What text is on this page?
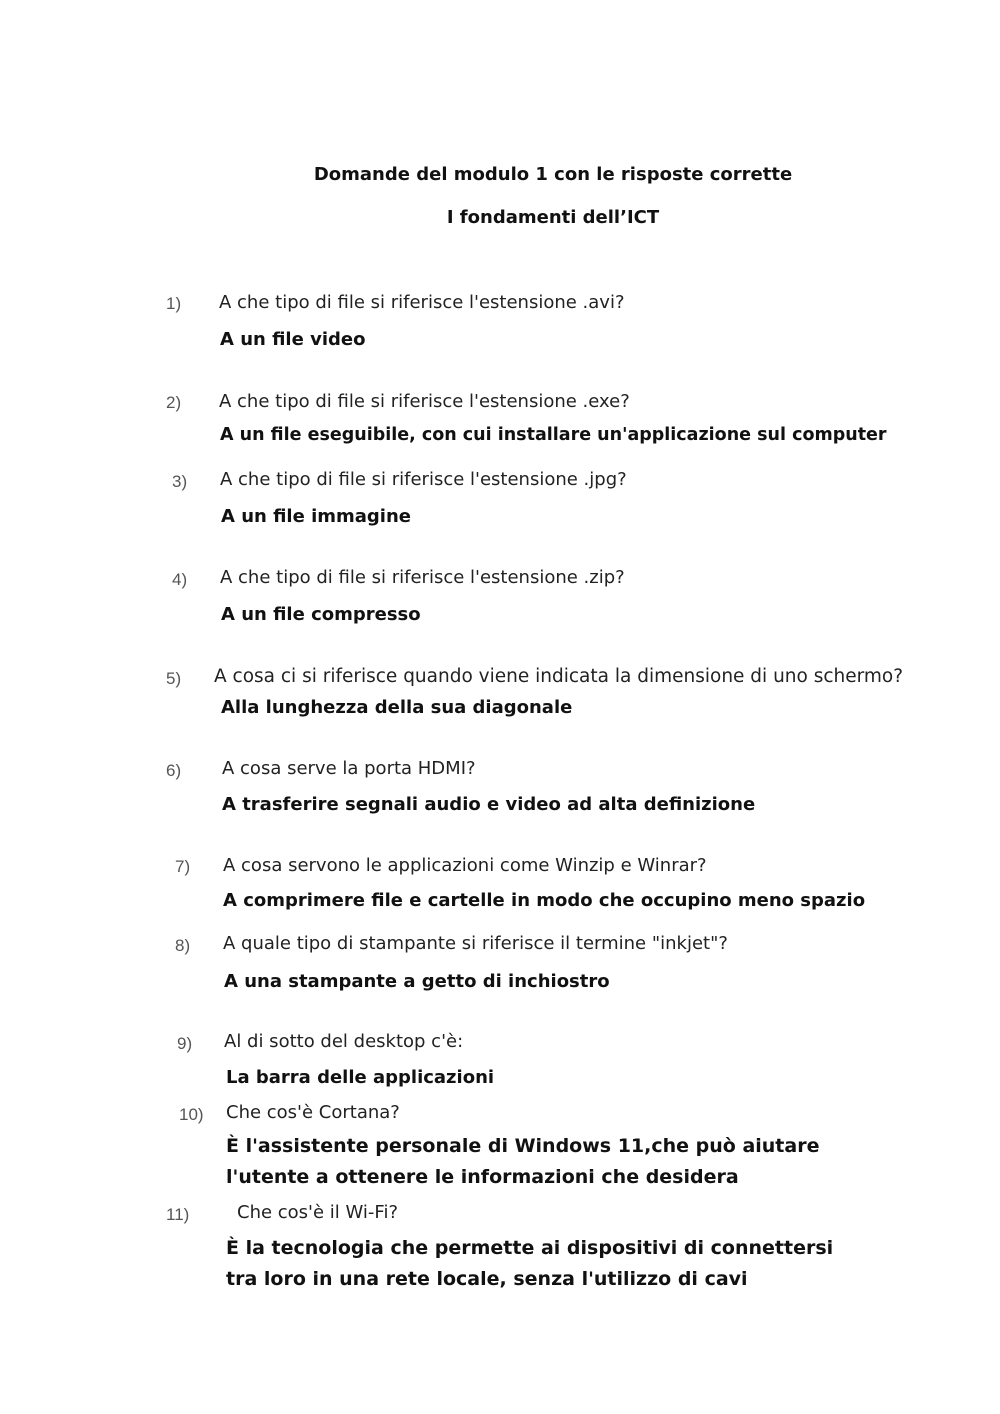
Domande del modulo 1 con le risposte corrette
I fondamenti dell’ICT
1) A che tipo di file si riferisce l'estensione .avi?
A un file video
2) A che tipo di file si riferisce l'estensione .exe?
A un file eseguibile, con cui installare un'applicazione sul computer
3) A che tipo di file si riferisce l'estensione .jpg?
A un file immagine
4) A che tipo di file si riferisce l'estensione .zip?
A un file compresso
5) A cosa ci si riferisce quando viene indicata la dimensione di uno schermo?
Alla lunghezza della sua diagonale
6) A cosa serve la porta HDMI?
A trasferire segnali audio e video ad alta definizione
7) A cosa servono le applicazioni come Winzip e Winrar?
A comprimere file e cartelle in modo che occupino meno spazio
8) A quale tipo di stampante si riferisce il termine "inkjet"?
A una stampante a getto di inchiostro
9) Al di sotto del desktop c'è:
La barra delle applicazioni
10) Che cos'è Cortana?
È l'assistente personale di Windows 11,che può aiutare
l'utente a ottenere le informazioni che desidera
11)	Che cos'è il Wi-Fi?
È la tecnologia che permette ai dispositivi di connettersi
tra loro in una rete locale, senza l'utilizzo di cavi
